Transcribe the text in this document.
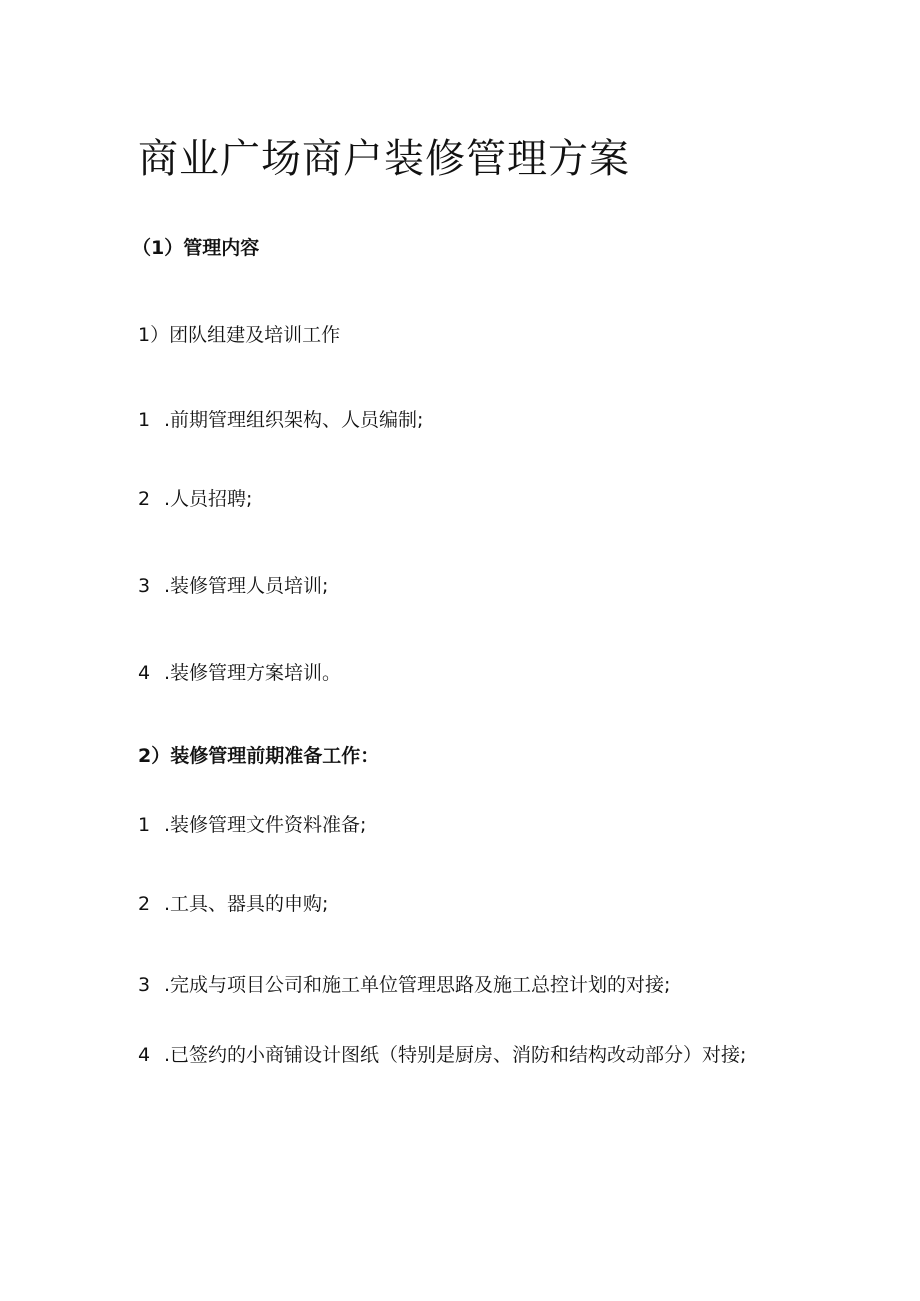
商业广场商户装修管理方案

（1）管理内容

1）团队组建及培训工作

1 .前期管理组织架构、人员编制;

2 .人员招聘;

3 .装修管理人员培训;

4 .装修管理方案培训。

2）装修管理前期准备工作：

1 .装修管理文件资料准备;

2 .工具、器具的申购;

3 .完成与项目公司和施工单位管理思路及施工总控计划的对接;

4 .已签约的小商铺设计图纸（特别是厨房、消防和结构改动部分）对接;
